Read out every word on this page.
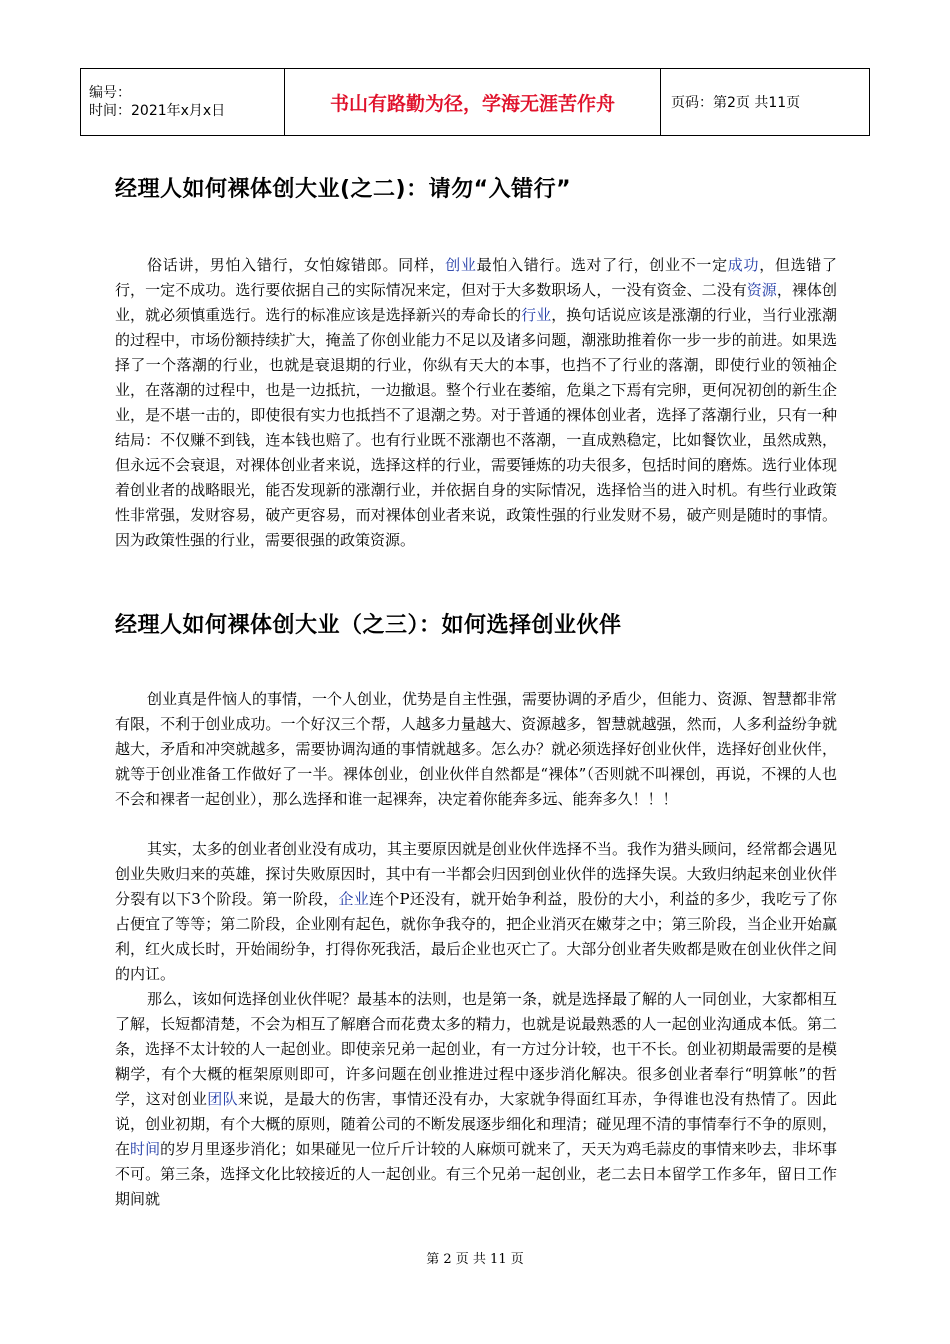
编号：
时间：2021年x月x日	书山有路勤为径，学海无涯苦作舟	页码：第2页 共11页
经理人如何裸体创大业(之二)：请勿“入错行”

俗话讲，男怕入错行，女怕嫁错郎。同样，创业最怕入错行。选对了行，创业不一定成功，但选错了行，一定不成功。选行要依据自己的实际情况来定，但对于大多数职场人，一没有资金、二没有资源，裸体创业，就必须慎重选行。选行的标准应该是选择新兴的寿命长的行业，换句话说应该是涨潮的行业，当行业涨潮的过程中，市场份额持续扩大，掩盖了你创业能力不足以及诸多问题，潮涨助推着你一步一步的前进。如果选择了一个落潮的行业，也就是衰退期的行业，你纵有天大的本事，也挡不了行业的落潮，即使行业的领袖企业，在落潮的过程中，也是一边抵抗，一边撤退。整个行业在萎缩，危巢之下焉有完卵，更何况初创的新生企业，是不堪一击的，即使很有实力也抵挡不了退潮之势。对于普通的裸体创业者，选择了落潮行业，只有一种结局：不仅赚不到钱，连本钱也赔了。也有行业既不涨潮也不落潮，一直成熟稳定，比如餐饮业，虽然成熟，但永远不会衰退，对裸体创业者来说，选择这样的行业，需要锤炼的功夫很多，包括时间的磨炼。选行业体现着创业者的战略眼光，能否发现新的涨潮行业，并依据自身的实际情况，选择恰当的进入时机。有些行业政策性非常强，发财容易，破产更容易，而对裸体创业者来说，政策性强的行业发财不易，破产则是随时的事情。因为政策性强的行业，需要很强的政策资源。

经理人如何裸体创大业（之三）：如何选择创业伙伴

创业真是件恼人的事情，一个人创业，优势是自主性强，需要协调的矛盾少，但能力、资源、智慧都非常有限，不利于创业成功。一个好汉三个帮，人越多力量越大、资源越多，智慧就越强，然而，人多利益纷争就越大，矛盾和冲突就越多，需要协调沟通的事情就越多。怎么办？就必须选择好创业伙伴，选择好创业伙伴，就等于创业准备工作做好了一半。裸体创业，创业伙伴自然都是“裸体”（否则就不叫裸创，再说，不裸的人也不会和裸者一起创业），那么选择和谁一起裸奔，决定着你能奔多远、能奔多久！！！

其实，太多的创业者创业没有成功，其主要原因就是创业伙伴选择不当。我作为猎头顾问，经常都会遇见创业失败归来的英雄，探讨失败原因时，其中有一半都会归因到创业伙伴的选择失误。大致归纳起来创业伙伴分裂有以下3个阶段。第一阶段，企业连个P还没有，就开始争利益，股份的大小，利益的多少，我吃亏了你占便宜了等等；第二阶段，企业刚有起色，就你争我夺的，把企业消灭在嫩芽之中；第三阶段，当企业开始赢利，红火成长时，开始闹纷争，打得你死我活，最后企业也灭亡了。大部分创业者失败都是败在创业伙伴之间的内讧。

那么，该如何选择创业伙伴呢？最基本的法则，也是第一条，就是选择最了解的人一同创业，大家都相互了解，长短都清楚，不会为相互了解磨合而花费太多的精力，也就是说最熟悉的人一起创业沟通成本低。第二条，选择不太计较的人一起创业。即使亲兄弟一起创业，有一方过分计较，也干不长。创业初期最需要的是模糊学，有个大概的框架原则即可，许多问题在创业推进过程中逐步消化解决。很多创业者奉行“明算帐”的哲学，这对创业团队来说，是最大的伤害，事情还没有办，大家就争得面红耳赤，争得谁也没有热情了。因此说，创业初期，有个大概的原则，随着公司的不断发展逐步细化和理清；碰见理不清的事情奉行不争的原则，在时间的岁月里逐步消化；如果碰见一位斤斤计较的人麻烦可就来了，天天为鸡毛蒜皮的事情来吵去，非坏事不可。第三条，选择文化比较接近的人一起创业。有三个兄弟一起创业，老二去日本留学工作多年，留日工作期间就

第 2 页 共 11 页
